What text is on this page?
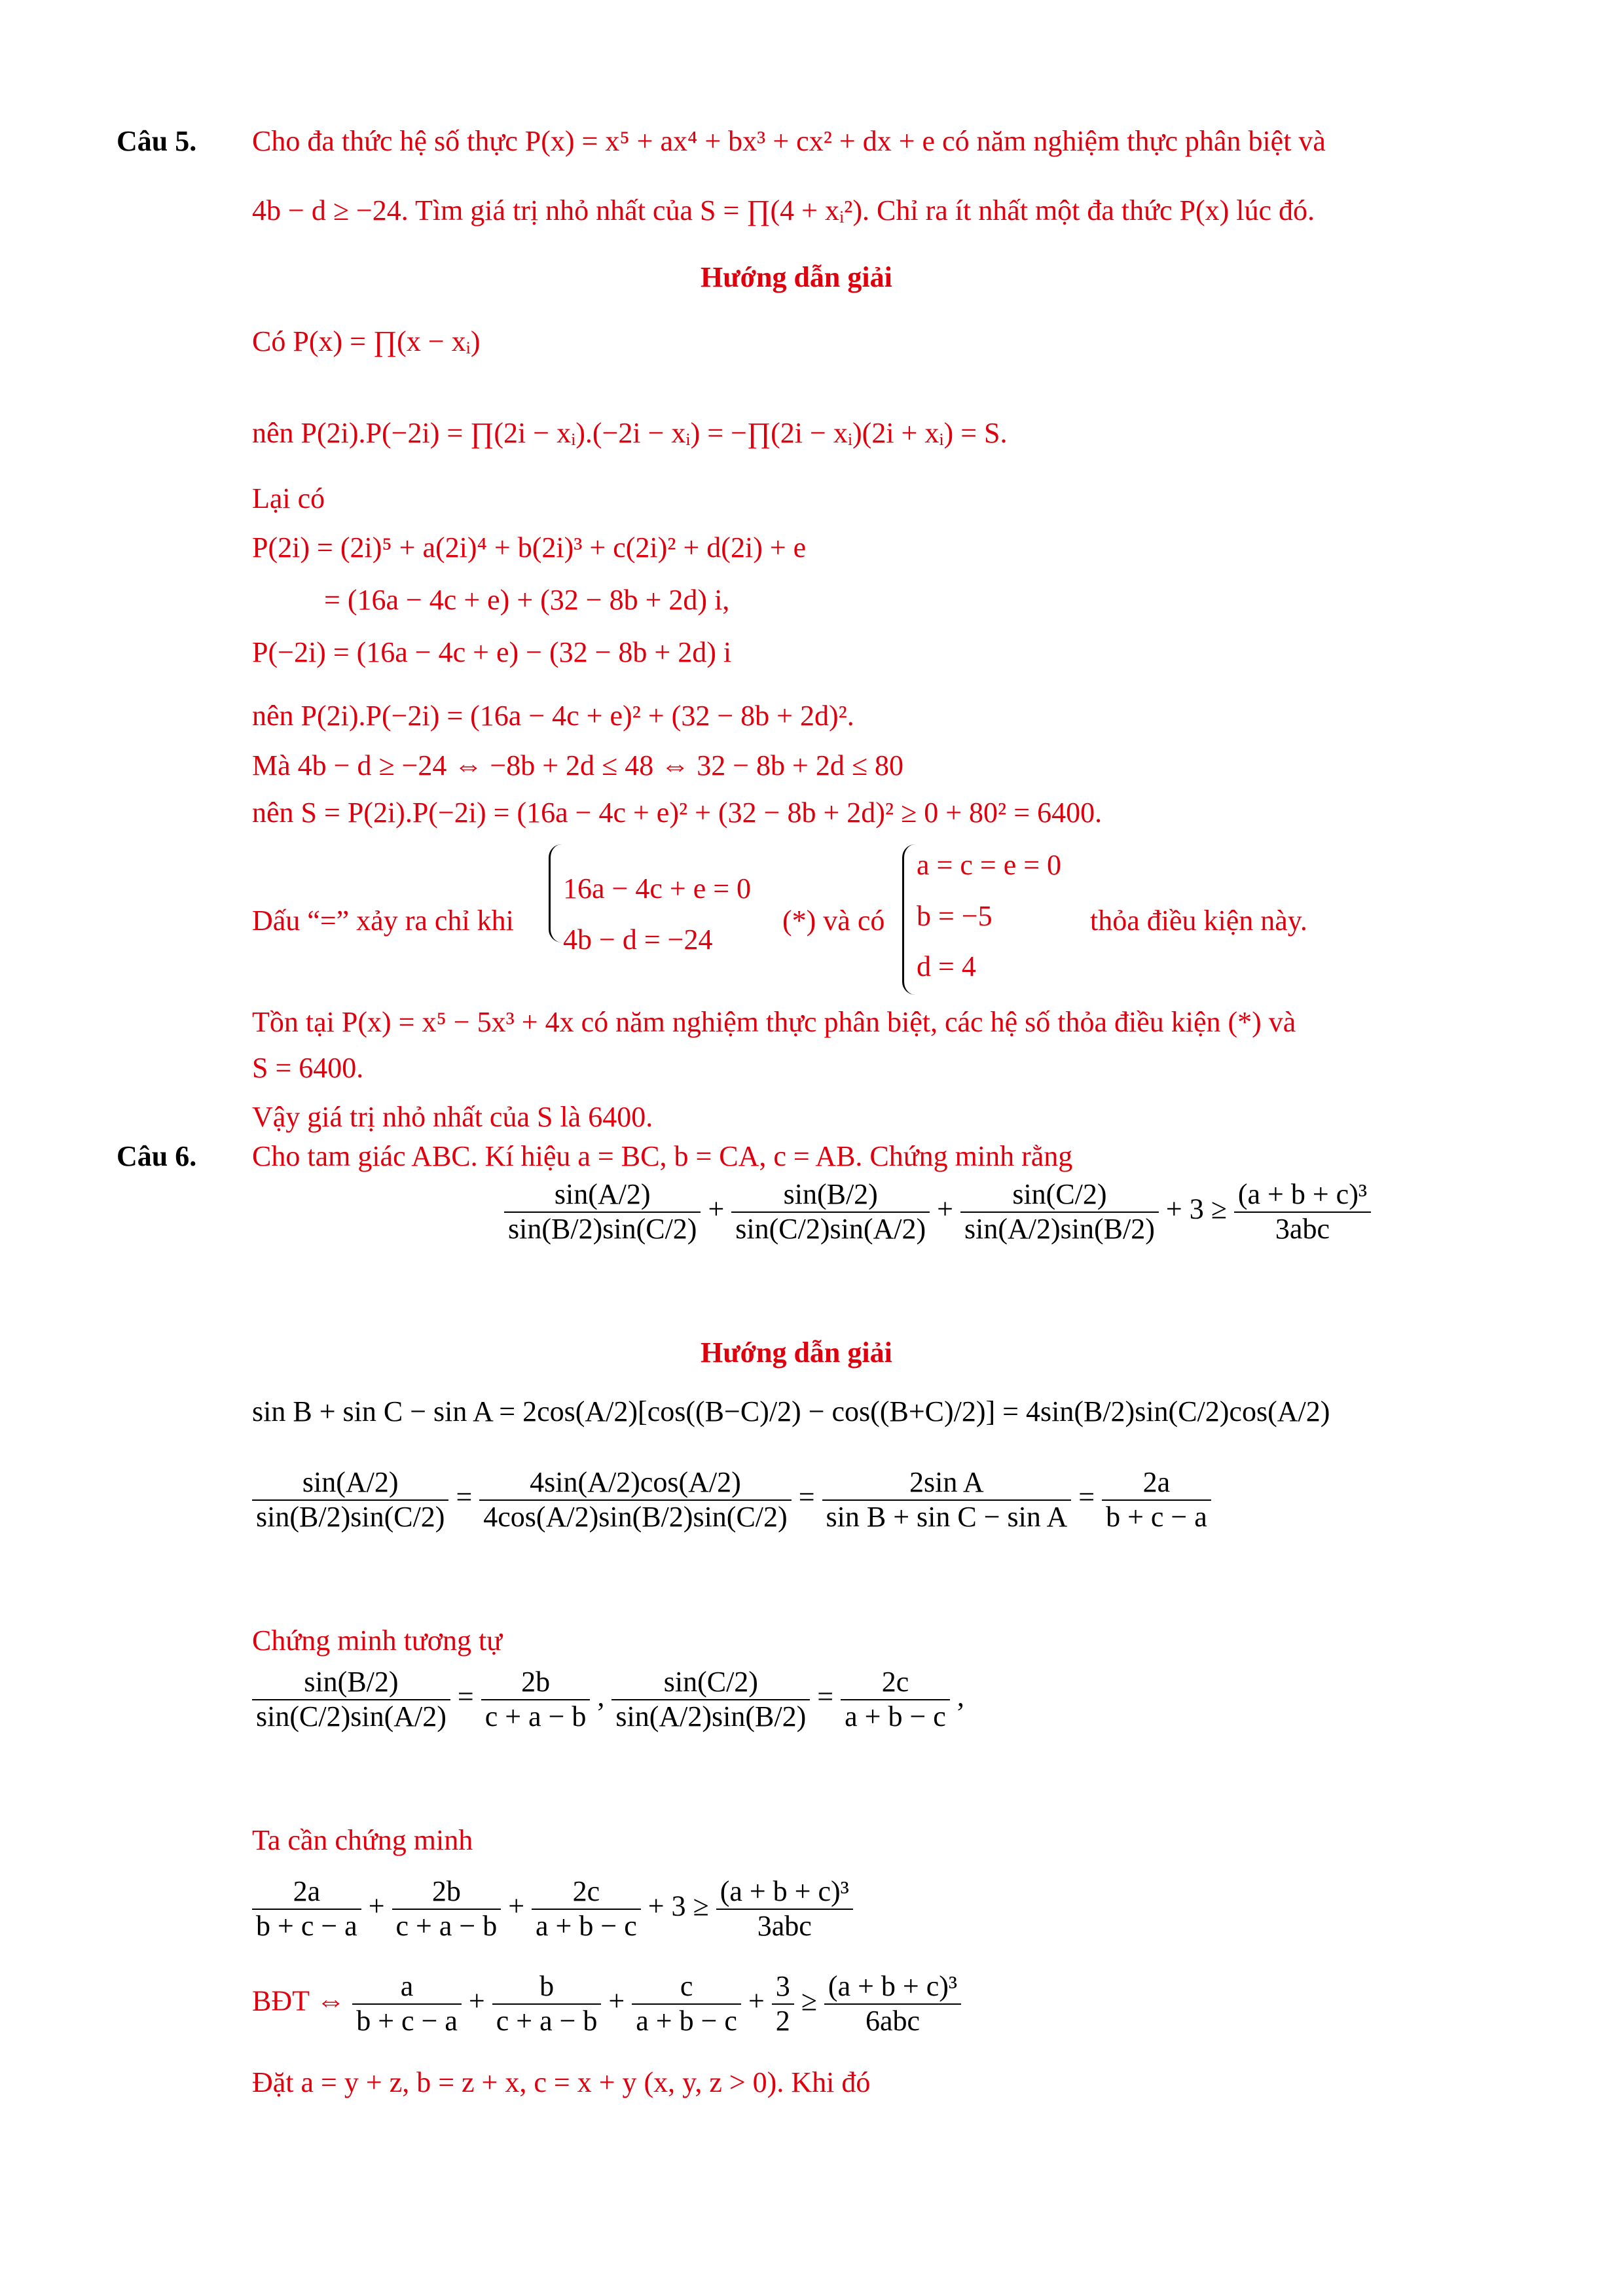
Câu 5. Cho đa thức hệ số thực P(x) = x⁵ + ax⁴ + bx³ + cx² + dx + e có năm nghiệm thực phân biệt và
4b − d ≥ −24. Tìm giá trị nhỏ nhất của S = ∏(4 + xᵢ²). Chỉ ra ít nhất một đa thức P(x) lúc đó.
Hướng dẫn giải
Có P(x) = ∏(x − xᵢ)
nên P(2i).P(−2i) = ∏(2i − xᵢ).(−2i − xᵢ) = −∏(2i − xᵢ)(2i + xᵢ) = S.
Lại có
P(2i) = (2i)⁵ + a(2i)⁴ + b(2i)³ + c(2i)² + d(2i) + e
= (16a − 4c + e) + (32 − 8b + 2d) i,
P(−2i) = (16a − 4c + e) − (32 − 8b + 2d) i
nên P(2i).P(−2i) = (16a − 4c + e)² + (32 − 8b + 2d)².
Mà 4b − d ≥ −24 ⇔ −8b + 2d ≤ 48 ⇔ 32 − 8b + 2d ≤ 80
nên S = P(2i).P(−2i) = (16a − 4c + e)² + (32 − 8b + 2d)² ≥ 0 + 80² = 6400.
Dấu “=” xảy ra chỉ khi
16a − 4c + e = 0
4b − d = −24
(*) và có
a = c = e = 0
b = −5
d = 4
thỏa điều kiện này.
Tồn tại P(x) = x⁵ − 5x³ + 4x có năm nghiệm thực phân biệt, các hệ số thỏa điều kiện (*) và
S = 6400.
Vậy giá trị nhỏ nhất của S là 6400.
Câu 6. Cho tam giác ABC. Kí hiệu a = BC, b = CA, c = AB. Chứng minh rằng
$\frac{\sin(A/2)}{\sin(B/2)\sin(C/2)} + \frac{\sin(B/2)}{\sin(C/2)\sin(A/2)} + \frac{\sin(C/2)}{\sin(A/2)\sin(B/2)} + 3 \ge \frac{\text{(a + b + c)³}}{\text{3abc}}$
Hướng dẫn giải
sin B + sin C − sin A = 2cos(A/2)[cos((B−C)/2) − cos((B+C)/2)] = 4sin(B/2)sin(C/2)cos(A/2)
$\frac{\sin(A/2)}{\sin(B/2)\sin(C/2)} = \frac{4\sin(A/2)\cos(A/2)}{4\cos(A/2)\sin(B/2)\sin(C/2)} = \frac{\text{2sin A}}{\text{sin B + sin C − sin A}} = \frac{2a}{b + c - a}$
Chứng minh tương tự
$\frac{\sin(B/2)}{\sin(C/2)\sin(A/2)} = \frac{2b}{c + a - b}$ , $\frac{\sin(C/2)}{\sin(A/2)\sin(B/2)} = \frac{2c}{a + b - c}$ ,
Ta cần chứng minh
$\frac{2a}{b + c - a} + \frac{2b}{c + a - b} + \frac{2c}{a + b - c} + 3 \ge \frac{\text{(a + b + c)³}}{\text{3abc}}$
BĐT ⇔ $\frac{a}{b + c - a} + \frac{b}{c + a - b} + \frac{c}{a + b - c} + \frac{3}{2} \ge \frac{\text{(a + b + c)³}}{\text{6abc}}$
Đặt a = y + z, b = z + x, c = x + y (x, y, z > 0). Khi đó
